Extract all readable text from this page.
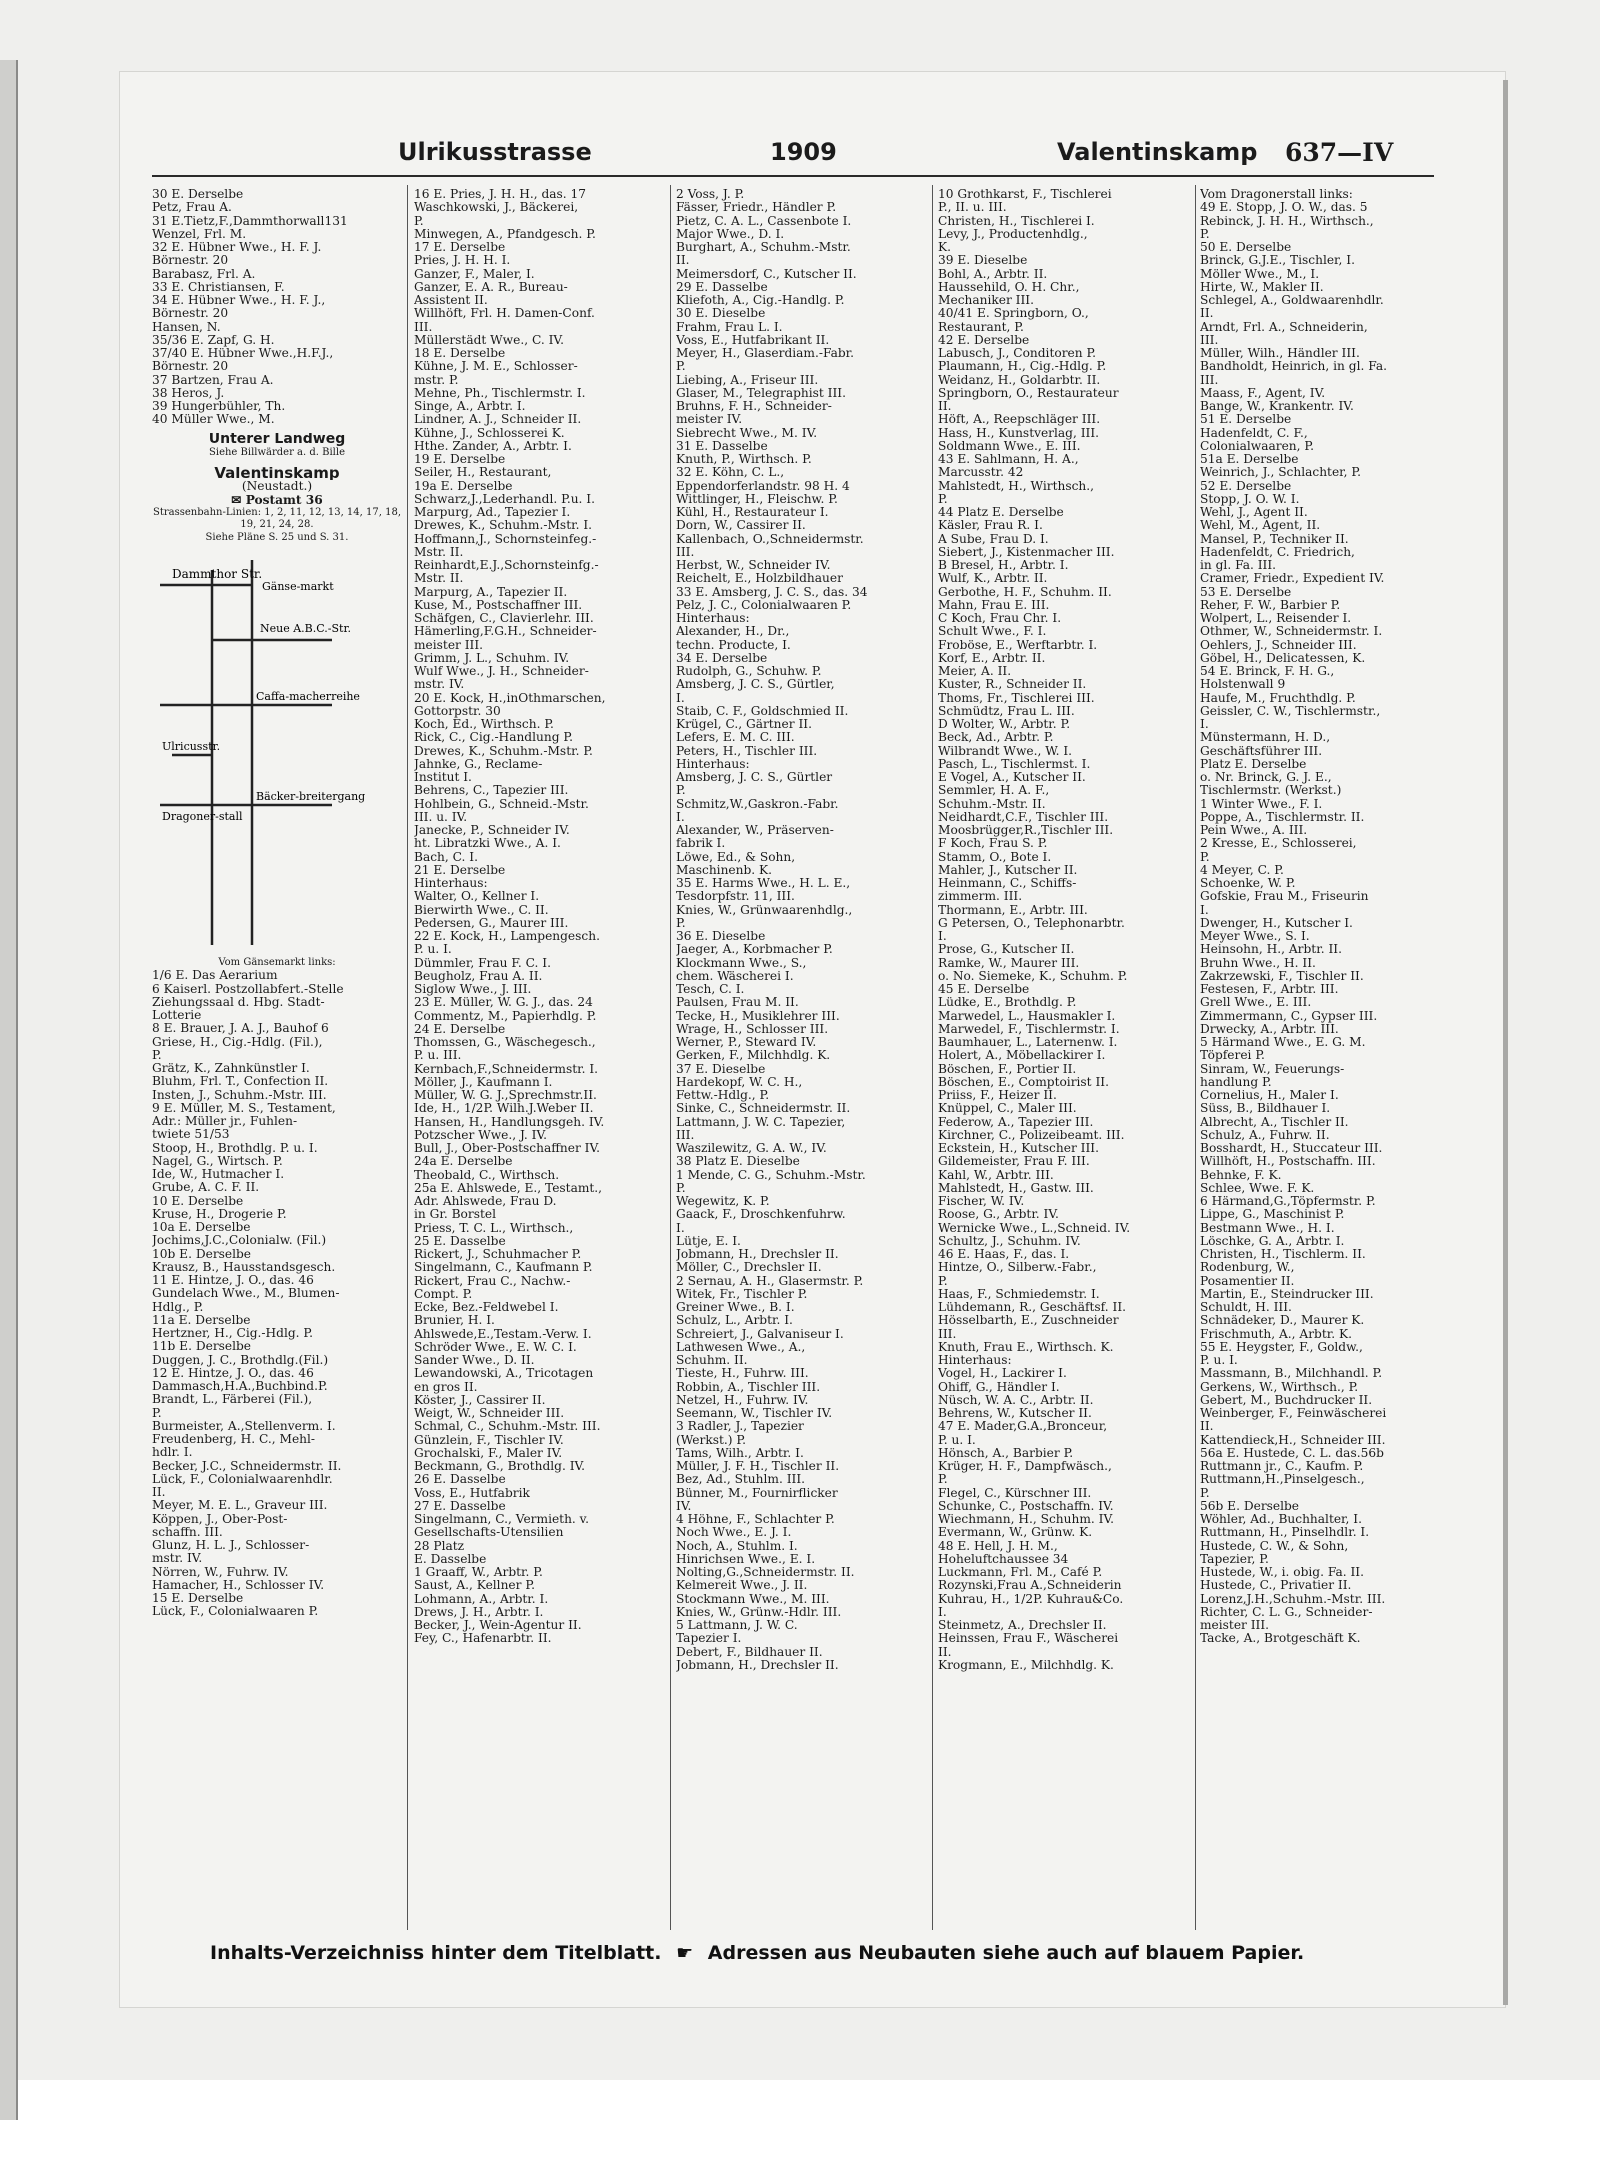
Ulrikusstrasse	1909	Valentinskamp 637—IV
30 E. Derselbe
Petz, Frau A.
31 E.Tietz,F.,Dammthorwall131
Wenzel, Frl. M.
32 E. Hübner Wwe., H. F. J.
Börnestr. 20
Barabasz, Frl. A.
33 E. Christiansen, F.
34 E. Hübner Wwe., H. F. J.,
Börnestr. 20
Hansen, N.
35/36 E. Zapf, G. H.
37/40 E. Hübner Wwe.,H.F.J.,
Börnestr. 20
37 Bartzen, Frau A.
38 Heros, J.
39 Hungerbühler, Th.
40 Müller Wwe., M.
Unterer Landweg
Siehe Billwärder a. d. Bille
Valentinskamp
(Neustadt.)
✉ Postamt 36
Strassenbahn-Linien: 1, 2, 11, 12, 13, 14, 17, 18, 19, 21, 24, 28.
Siehe Pläne S. 25 und S. 31.
Dammthor Str.
Gänse-markt
Neue A.B.C.-Str.
Caffa-macherreihe
Ulricusstr.
Bäcker-breitergang
Dragoner-stall
Vom Gänsemarkt links:
1/6 E. Das Aerarium
6 Kaiserl. Postzollabfert.-Stelle
Ziehungssaal d. Hbg. Stadt-
Lotterie
8 E. Brauer, J. A. J., Bauhof 6
Griese, H., Cig.-Hdlg. (Fil.),
P.
Grätz, K., Zahnkünstler I.
Bluhm, Frl. T., Confection II.
Insten, J., Schuhm.-Mstr. III.
9 E. Müller, M. S., Testament,
Adr.: Müller jr., Fuhlen-
twiete 51/53
Stoop, H., Brothdlg. P. u. I.
Nagel, G., Wirtsch. P.
Ide, W., Hutmacher I.
Grube, A. C. F. II.
10 E. Derselbe
Kruse, H., Drogerie P.
10a E. Derselbe
Jochims,J.C.,Colonialw. (Fil.)
10b E. Derselbe
Krausz, B., Hausstandsgesch.
11 E. Hintze, J. O., das. 46
Gundelach Wwe., M., Blumen-
Hdlg., P.
11a E. Derselbe
Hertzner, H., Cig.-Hdlg. P.
11b E. Derselbe
Duggen, J. C., Brothdlg.(Fil.)
12 E. Hintze, J. O., das. 46
Dammasch,H.A.,Buchbind.P.
Brandt, L., Färberei (Fil.),
P.
Burmeister, A.,Stellenverm. I.
Freudenberg, H. C., Mehl-
hdlr. I.
Becker, J.C., Schneidermstr. II.
Lück, F., Colonialwaarenhdlr.
II.
Meyer, M. E. L., Graveur III.
Köppen, J., Ober-Post-
schaffn. III.
Glunz, H. L. J., Schlosser-
mstr. IV.
Nörren, W., Fuhrw. IV.
Hamacher, H., Schlosser IV.
15 E. Derselbe
Lück, F., Colonialwaaren P.
16 E. Pries, J. H. H., das. 17
Waschkowski, J., Bäckerei,
P.
Minwegen, A., Pfandgesch. P.
17 E. Derselbe
Pries, J. H. H. I.
Ganzer, F., Maler, I.
Ganzer, E. A. R., Bureau-
Assistent II.
Willhöft, Frl. H. Damen-Conf.
III.
Müllerstädt Wwe., C. IV.
18 E. Derselbe
Kühne, J. M. E., Schlosser-
mstr. P.
Mehne, Ph., Tischlermstr. I.
Singe, A., Arbtr. I.
Lindner, A. J., Schneider II.
Kühne, J., Schlosserei K.
Hthe. Zander, A., Arbtr. I.
19 E. Derselbe
Seiler, H., Restaurant,
19a E. Derselbe
Schwarz,J.,Lederhandl. P.u. I.
Marpurg, Ad., Tapezier I.
Drewes, K., Schuhm.-Mstr. I.
Hoffmann,J., Schornsteinfeg.-
Mstr. II.
Reinhardt,E.J.,Schornsteinfg.-
Mstr. II.
Marpurg, A., Tapezier II.
Kuse, M., Postschaffner III.
Schäfgen, C., Clavierlehr. III.
Hämerling,F.G.H., Schneider-
meister III.
Grimm, J. L., Schuhm. IV.
Wulf Wwe., J. H., Schneider-
mstr. IV.
20 E. Kock, H.,inOthmarschen,
Gottorpstr. 30
Koch, Ed., Wirthsch. P.
Rick, C., Cig.-Handlung P.
Drewes, K., Schuhm.-Mstr. P.
Jahnke, G., Reclame-
Institut I.
Behrens, C., Tapezier III.
Hohlbein, G., Schneid.-Mstr.
III. u. IV.
Janecke, P., Schneider IV.
ht. Libratzki Wwe., A. I.
Bach, C. I.
21 E. Derselbe
Hinterhaus:
Walter, O., Kellner I.
Bierwirth Wwe., C. II.
Pedersen, G., Maurer III.
22 E. Kock, H., Lampengesch.
P. u. I.
Dümmler, Frau F. C. I.
Beugholz, Frau A. II.
Siglow Wwe., J. III.
23 E. Müller, W. G. J., das. 24
Commentz, M., Papierhdlg. P.
24 E. Derselbe
Thomssen, G., Wäschegesch.,
P. u. III.
Kernbach,F.,Schneidermstr. I.
Möller, J., Kaufmann I.
Müller, W. G. J.,Sprechmstr.II.
Ide, H., 1/2P. Wilh.J.Weber II.
Hansen, H., Handlungsgeh. IV.
Potzscher Wwe., J. IV.
Bull, J., Ober-Postschaffner IV.
24a E. Derselbe
Theobald, C., Wirthsch.
25a E. Ahlswede, E., Testamt.,
Adr. Ahlswede, Frau D.
in Gr. Borstel
Priess, T. C. L., Wirthsch.,
25 E. Dasselbe
Rickert, J., Schuhmacher P.
Singelmann, C., Kaufmann P.
Rickert, Frau C., Nachw.-
Compt. P.
Ecke, Bez.-Feldwebel I.
Brunier, H. I.
Ahlswede,E.,Testam.-Verw. I.
Schröder Wwe., E. W. C. I.
Sander Wwe., D. II.
Lewandowski, A., Tricotagen
en gros II.
Köster, J., Cassirer II.
Weigt, W., Schneider III.
Schmal, C., Schuhm.-Mstr. III.
Günzlein, F., Tischler IV.
Grochalski, F., Maler IV.
Beckmann, G., Brothdlg. IV.
26 E. Dasselbe
Voss, E., Hutfabrik
27 E. Dasselbe
Singelmann, C., Vermieth. v.
Gesellschafts-Utensilien
28 Platz
E. Dasselbe
1 Graaff, W., Arbtr. P.
Saust, A., Kellner P.
Lohmann, A., Arbtr. I.
Drews, J. H., Arbtr. I.
Becker, J., Wein-Agentur II.
Fey, C., Hafenarbtr. II.
2 Voss, J. P.
Fässer, Friedr., Händler P.
Pietz, C. A. L., Cassenbote I.
Major Wwe., D. I.
Burghart, A., Schuhm.-Mstr.
II.
Meimersdorf, C., Kutscher II.
29 E. Dasselbe
Kliefoth, A., Cig.-Handlg. P.
30 E. Dieselbe
Frahm, Frau L. I.
Voss, E., Hutfabrikant II.
Meyer, H., Glaserdiam.-Fabr.
P.
Liebing, A., Friseur III.
Glaser, M., Telegraphist III.
Bruhns, F. H., Schneider-
meister IV.
Siebrecht Wwe., M. IV.
31 E. Dasselbe
Knuth, P., Wirthsch. P.
32 E. Köhn, C. L.,
Eppendorferlandstr. 98 H. 4
Wittlinger, H., Fleischw. P.
Kühl, H., Restaurateur I.
Dorn, W., Cassirer II.
Kallenbach, O.,Schneidermstr.
III.
Herbst, W., Schneider IV.
Reichelt, E., Holzbildhauer
33 E. Amsberg, J. C. S., das. 34
Pelz, J. C., Colonialwaaren P.
Hinterhaus:
Alexander, H., Dr.,
techn. Producte, I.
34 E. Derselbe
Rudolph, G., Schuhw. P.
Amsberg, J. C. S., Gürtler,
I.
Staib, C. F., Goldschmied II.
Krügel, C., Gärtner II.
Lefers, E. M. C. III.
Peters, H., Tischler III.
Hinterhaus:
Amsberg, J. C. S., Gürtler
P.
Schmitz,W.,Gaskron.-Fabr.
I.
Alexander, W., Präserven-
fabrik I.
Löwe, Ed., & Sohn,
Maschinenb. K.
35 E. Harms Wwe., H. L. E.,
Tesdorpfstr. 11, III.
Knies, W., Grünwaarenhdlg.,
P.
36 E. Dieselbe
Jaeger, A., Korbmacher P.
Klockmann Wwe., S.,
chem. Wäscherei I.
Tesch, C. I.
Paulsen, Frau M. II.
Tecke, H., Musiklehrer III.
Wrage, H., Schlosser III.
Werner, P., Steward IV.
Gerken, F., Milchhdlg. K.
37 E. Dieselbe
Hardekopf, W. C. H.,
Fettw.-Hdlg., P.
Sinke, C., Schneidermstr. II.
Lattmann, J. W. C. Tapezier,
III.
Waszilewitz, G. A. W., IV.
38 Platz E. Dieselbe
1 Mende, C. G., Schuhm.-Mstr.
P.
Wegewitz, K. P.
Gaack, F., Droschkenfuhrw.
I.
Lütje, E. I.
Jobmann, H., Drechsler II.
Möller, C., Drechsler II.
2 Sernau, A. H., Glasermstr. P.
Witek, Fr., Tischler P.
Greiner Wwe., B. I.
Schulz, L., Arbtr. I.
Schreiert, J., Galvaniseur I.
Lathwesen Wwe., A.,
Schuhm. II.
Tieste, H., Fuhrw. III.
Robbin, A., Tischler III.
Netzel, H., Fuhrw. IV.
Seemann, W., Tischler IV.
3 Radler, J., Tapezier
(Werkst.) P.
Tams, Wilh., Arbtr. I.
Müller, J. F. H., Tischler II.
Bez, Ad., Stuhlm. III.
Bünner, M., Fournirflicker
IV.
4 Höhne, F., Schlachter P.
Noch Wwe., E. J. I.
Noch, A., Stuhlm. I.
Hinrichsen Wwe., E. I.
Nolting,G.,Schneidermstr. II.
Kelmereit Wwe., J. II.
Stockmann Wwe., M. III.
Knies, W., Grünw.-Hdlr. III.
5 Lattmann, J. W. C.
Tapezier I.
Debert, F., Bildhauer II.
Jobmann, H., Drechsler II.
10 Grothkarst, F., Tischlerei
P., II. u. III.
Christen, H., Tischlerei I.
Levy, J., Productenhdlg.,
K.
39 E. Dieselbe
Bohl, A., Arbtr. II.
Haussehild, O. H. Chr.,
Mechaniker III.
40/41 E. Springborn, O.,
Restaurant, P.
42 E. Derselbe
Labusch, J., Conditoren P.
Plaumann, H., Cig.-Hdlg. P.
Weidanz, H., Goldarbtr. II.
Springborn, O., Restaurateur
II.
Höft, A., Reepschläger III.
Hass, H., Kunstverlag, III.
Soldmann Wwe., E. III.
43 E. Sahlmann, H. A.,
Marcusstr. 42
Mahlstedt, H., Wirthsch.,
P.
44 Platz E. Derselbe
Käsler, Frau R. I.
A Sube, Frau D. I.
Siebert, J., Kistenmacher III.
B Bresel, H., Arbtr. I.
Wulf, K., Arbtr. II.
Gerbothe, H. F., Schuhm. II.
Mahn, Frau E. III.
C Koch, Frau Chr. I.
Schult Wwe., F. I.
Froböse, E., Werftarbtr. I.
Korf, E., Arbtr. II.
Meier, A. II.
Kuster, R., Schneider II.
Thoms, Fr., Tischlerei III.
Schmüdtz, Frau L. III.
D Wolter, W., Arbtr. P.
Beck, Ad., Arbtr. P.
Wilbrandt Wwe., W. I.
Pasch, L., Tischlermst. I.
E Vogel, A., Kutscher II.
Semmler, H. A. F.,
Schuhm.-Mstr. II.
Neidhardt,C.F., Tischler III.
Moosbrügger,R.,Tischler III.
F Koch, Frau S. P.
Stamm, O., Bote I.
Mahler, J., Kutscher II.
Heinmann, C., Schiffs-
zimmerm. III.
Thormann, E., Arbtr. III.
G Petersen, O., Telephonarbtr.
I.
Prose, G., Kutscher II.
Ramke, W., Maurer III.
o. No. Siemeke, K., Schuhm. P.
45 E. Derselbe
Lüdke, E., Brothdlg. P.
Marwedel, L., Hausmakler I.
Marwedel, F., Tischlermstr. I.
Baumhauer, L., Laternenw. I.
Holert, A., Möbellackirer I.
Böschen, F., Portier II.
Böschen, E., Comptoirist II.
Priiss, F., Heizer II.
Knüppel, C., Maler III.
Federow, A., Tapezier III.
Kirchner, C., Polizeibeamt. III.
Eckstein, H., Kutscher III.
Gildemeister, Frau F. III.
Kahl, W., Arbtr. III.
Mahlstedt, H., Gastw. III.
Fischer, W. IV.
Roose, G., Arbtr. IV.
Wernicke Wwe., L.,Schneid. IV.
Schultz, J., Schuhm. IV.
46 E. Haas, F., das. I.
Hintze, O., Silberw.-Fabr.,
P.
Haas, F., Schmiedemstr. I.
Lühdemann, R., Geschäftsf. II.
Hösselbarth, E., Zuschneider
III.
Knuth, Frau E., Wirthsch. K.
Hinterhaus:
Vogel, H., Lackirer I.
Ohiff, G., Händler I.
Nüsch, W. A. C., Arbtr. II.
Behrens, W., Kutscher II.
47 E. Mader,G.A.,Bronceur,
P. u. I.
Hönsch, A., Barbier P.
Krüger, H. F., Dampfwäsch.,
P.
Flegel, C., Kürschner III.
Schunke, C., Postschaffn. IV.
Wiechmann, H., Schuhm. IV.
Evermann, W., Grünw. K.
48 E. Hell, J. H. M.,
Hoheluftchaussee 34
Luckmann, Frl. M., Café P.
Rozynski,Frau A.,Schneiderin
Kuhrau, H., 1/2P. Kuhrau&Co.
I.
Steinmetz, A., Drechsler II.
Heinssen, Frau F., Wäscherei
II.
Krogmann, E., Milchhdlg. K.
Vom Dragonerstall links:
49 E. Stopp, J. O. W., das. 5
Rebinck, J. H. H., Wirthsch.,
P.
50 E. Derselbe
Brinck, G.J.E., Tischler, I.
Möller Wwe., M., I.
Hirte, W., Makler II.
Schlegel, A., Goldwaarenhdlr.
II.
Arndt, Frl. A., Schneiderin,
III.
Müller, Wilh., Händler III.
Bandholdt, Heinrich, in gl. Fa.
III.
Maass, F., Agent, IV.
Bange, W., Krankentr. IV.
51 E. Derselbe
Hadenfeldt, C. F.,
Colonialwaaren, P.
51a E. Derselbe
Weinrich, J., Schlachter, P.
52 E. Derselbe
Stopp, J. O. W. I.
Wehl, J., Agent II.
Wehl, M., Agent, II.
Mansel, P., Techniker II.
Hadenfeldt, C. Friedrich,
in gl. Fa. III.
Cramer, Friedr., Expedient IV.
53 E. Derselbe
Reher, F. W., Barbier P.
Wolpert, L., Reisender I.
Othmer, W., Schneidermstr. I.
Oehlers, J., Schneider III.
Göbel, H., Delicatessen, K.
54 E. Brinck, F. H. G.,
Holstenwall 9
Haufe, M., Fruchthdlg. P.
Geissler, C. W., Tischlermstr.,
I.
Münstermann, H. D.,
Geschäftsführer III.
Platz E. Derselbe
o. Nr. Brinck, G. J. E.,
Tischlermstr. (Werkst.)
1 Winter Wwe., F. I.
Poppe, A., Tischlermstr. II.
Pein Wwe., A. III.
2 Kresse, E., Schlosserei,
P.
4 Meyer, C. P.
Schoenke, W. P.
Gofskie, Frau M., Friseurin
I.
Dwenger, H., Kutscher I.
Meyer Wwe., S. I.
Heinsohn, H., Arbtr. II.
Bruhn Wwe., H. II.
Zakrzewski, F., Tischler II.
Festesen, F., Arbtr. III.
Grell Wwe., E. III.
Zimmermann, C., Gypser III.
Drwecky, A., Arbtr. III.
5 Härmand Wwe., E. G. M.
Töpferei P.
Sinram, W., Feuerungs-
handlung P.
Cornelius, H., Maler I.
Süss, B., Bildhauer I.
Albrecht, A., Tischler II.
Schulz, A., Fuhrw. II.
Bosshardt, H., Stuccateur III.
Willhöft, H., Postschaffn. III.
Behnke, F. K.
Schlee, Wwe. F. K.
6 Härmand,G.,Töpfermstr. P.
Lippe, G., Maschinist P.
Bestmann Wwe., H. I.
Löschke, G. A., Arbtr. I.
Christen, H., Tischlerm. II.
Rodenburg, W.,
Posamentier II.
Martin, E., Steindrucker III.
Schuldt, H. III.
Schnädeker, D., Maurer K.
Frischmuth, A., Arbtr. K.
55 E. Heygster, F., Goldw.,
P. u. I.
Massmann, B., Milchhandl. P.
Gerkens, W., Wirthsch., P.
Gebert, M., Buchdrucker II.
Weinberger, F., Feinwäscherei
II.
Kattendieck,H., Schneider III.
56a E. Hustede, C. L. das.56b
Ruttmann jr., C., Kaufm. P.
Ruttmann,H.,Pinselgesch.,
P.
56b E. Derselbe
Wöhler, Ad., Buchhalter, I.
Ruttmann, H., Pinselhdlr. I.
Hustede, C. W., & Sohn,
Tapezier, P.
Hustede, W., i. obig. Fa. II.
Hustede, C., Privatier II.
Lorenz,J.H.,Schuhm.-Mstr. III.
Richter, C. L. G., Schneider-
meister III.
Tacke, A., Brotgeschäft K.
Inhalts-Verzeichniss hinter dem Titelblatt. ☛ Adressen aus Neubauten siehe auch auf blauem Papier.
